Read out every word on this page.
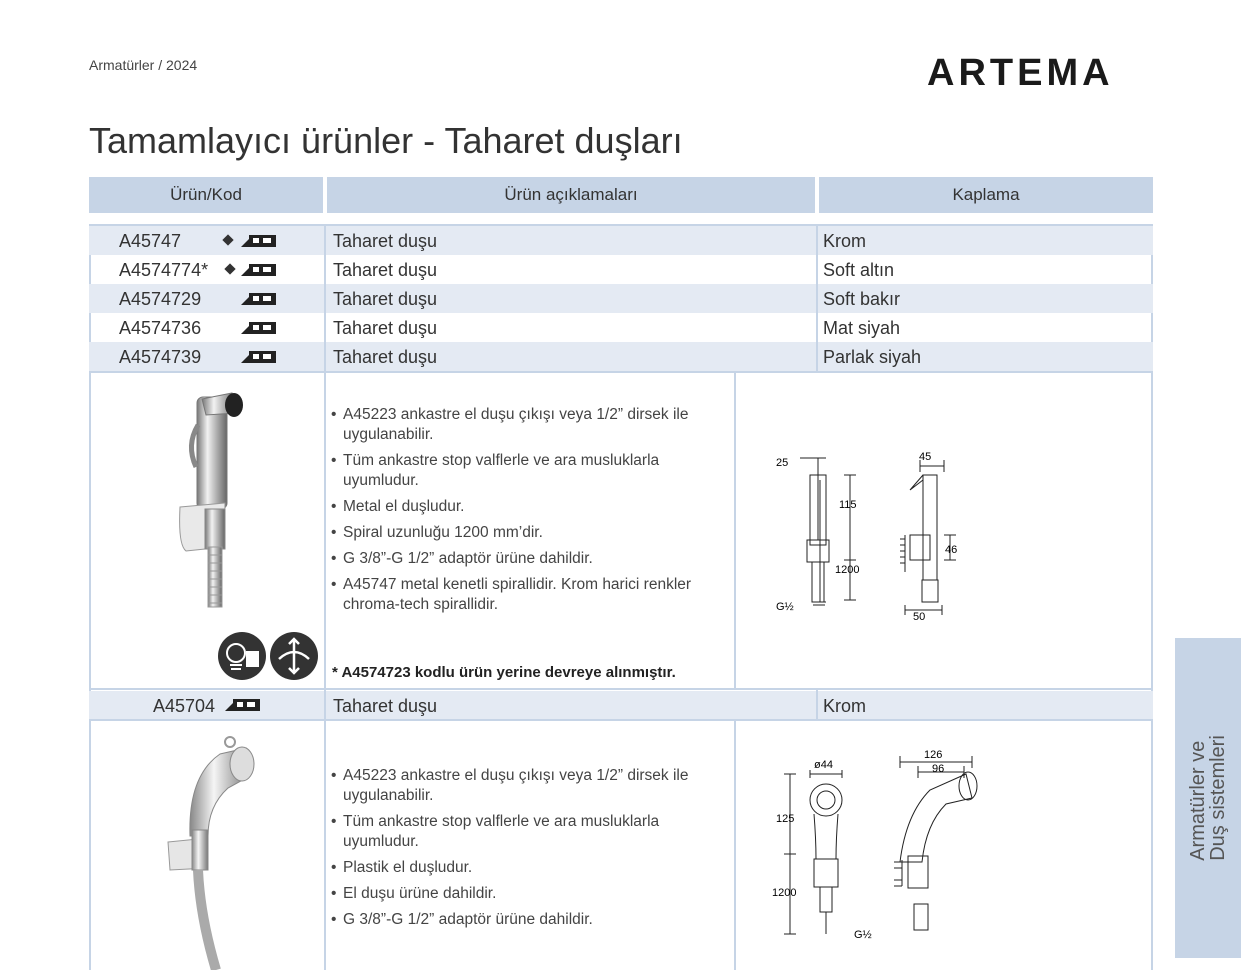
Armatürler / 2024	ARTEMA
Tamamlayıcı ürünler - Taharet duşları
Ürün/Kod	Ürün açıklamaları	Kaplama
A45747	Taharet duşu	Krom
A4574774*	Taharet duşu	Soft altın
A4574729	Taharet duşu	Soft bakır
A4574736	Taharet duşu	Mat siyah
A4574739	Taharet duşu	Parlak siyah
A45704	Taharet duşu	Krom
• A45223 ankastre el duşu çıkışı veya 1/2” dirsek ile uygulanabilir.
• Tüm ankastre stop valflerle ve ara musluklarla uyumludur.
• Metal el duşludur.
• Spiral uzunluğu 1200 mm’dir.
• G 3/8”-G 1/2” adaptör ürüne dahildir.
• A45747 metal kenetli spirallidir. Krom harici renkler chroma-tech spirallidir.
* A4574723 kodlu ürün yerine devreye alınmıştır.
25
115
1200
G½
45
46
50
• A45223 ankastre el duşu çıkışı veya 1/2” dirsek ile uygulanabilir.
• Tüm ankastre stop valflerle ve ara musluklarla uyumludur.
• Plastik el duşludur.
• El duşu ürüne dahildir.
• G 3/8”-G 1/2” adaptör ürüne dahildir.
ø44
125
1200
G½
126
96	Armatürler ve
Duş sistemleri
